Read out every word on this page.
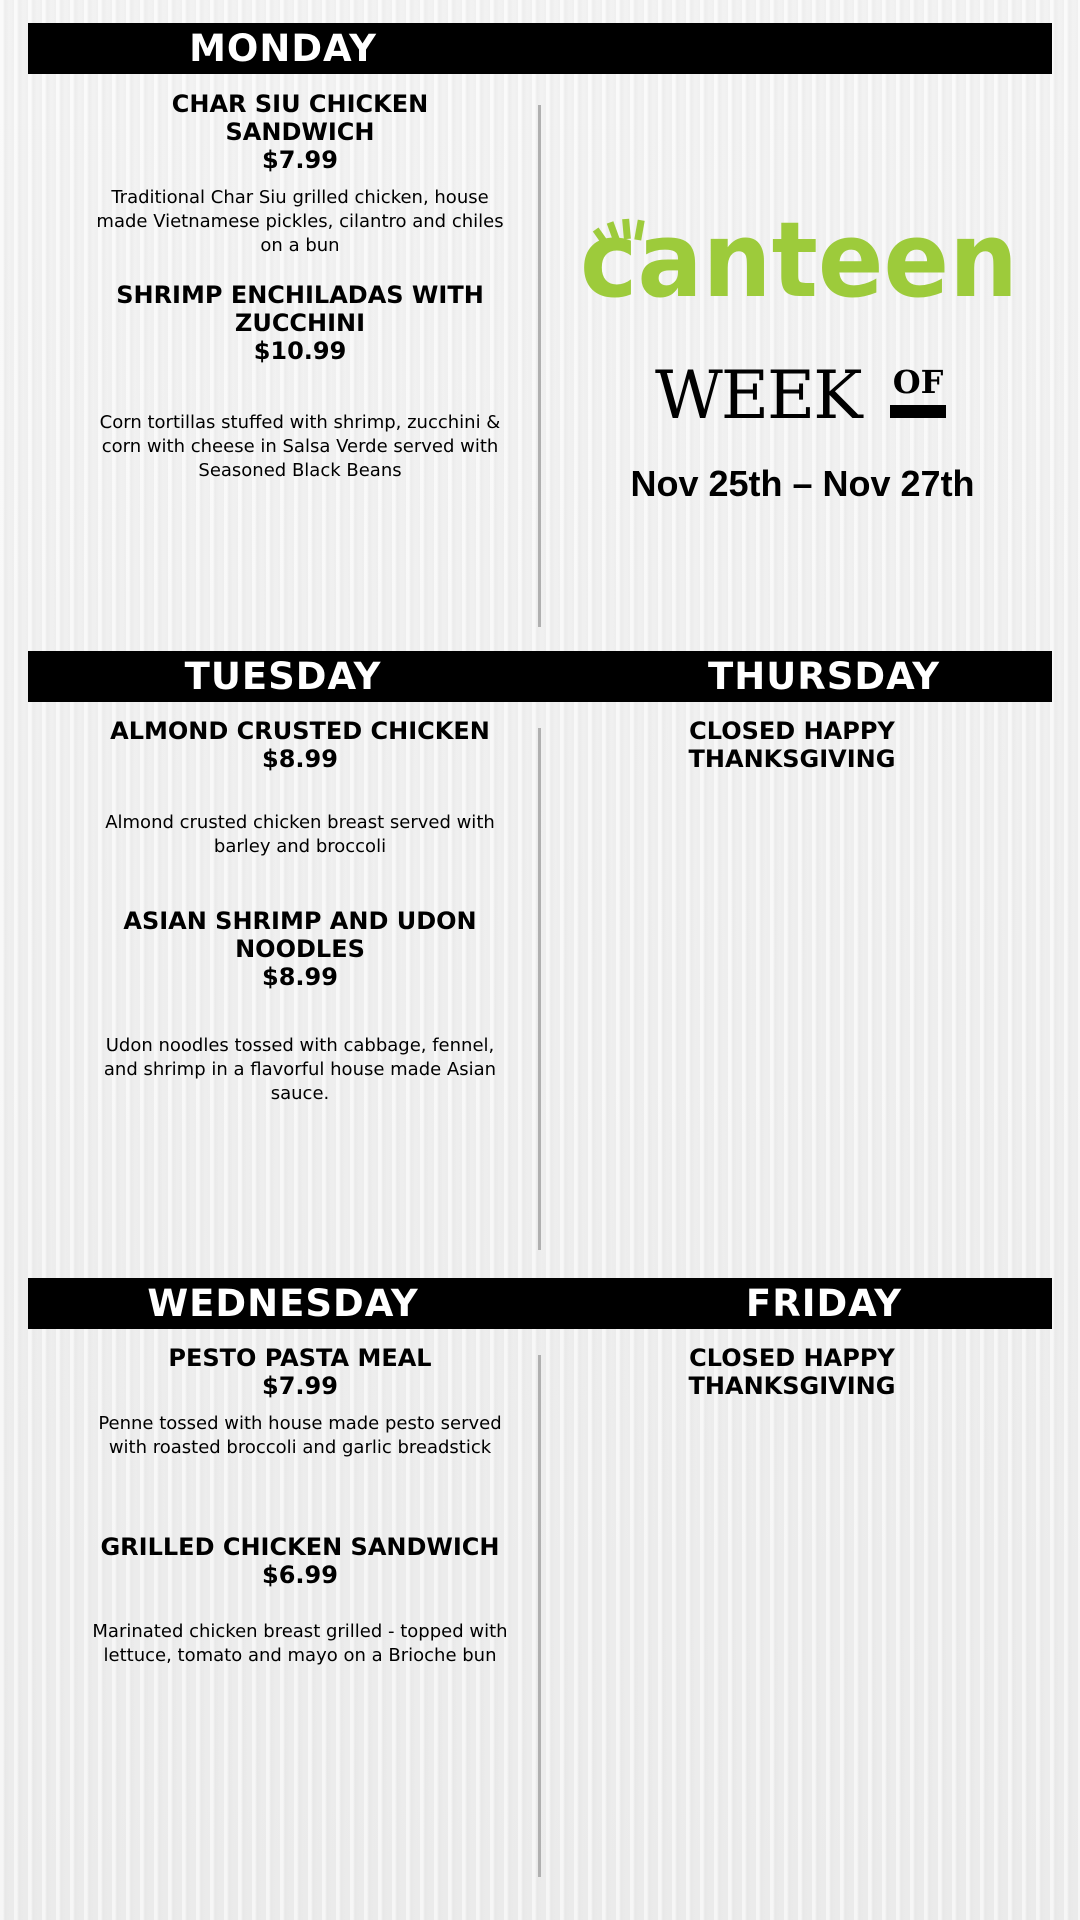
MONDAY
CHAR SIU CHICKEN SANDWICH
$7.99
Traditional Char Siu grilled chicken, house made Vietnamese pickles, cilantro and chiles on a bun
SHRIMP ENCHILADAS WITH ZUCCHINI
$10.99
Corn tortillas stuffed with shrimp, zucchini & corn with cheese in Salsa Verde served with Seasoned Black Beans
canteen
WEEK OF
Nov 25th – Nov 27th
TUESDAY	THURSDAY
ALMOND CRUSTED CHICKEN
$8.99
Almond crusted chicken breast served with barley and broccoli
ASIAN SHRIMP AND UDON NOODLES
$8.99
Udon noodles tossed with cabbage, fennel, and shrimp in a flavorful house made Asian sauce.
CLOSED HAPPY THANKSGIVING
WEDNESDAY	FRIDAY
PESTO PASTA MEAL
$7.99
Penne tossed with house made pesto served with roasted broccoli and garlic breadstick
GRILLED CHICKEN SANDWICH
$6.99
Marinated chicken breast grilled - topped with lettuce, tomato and mayo on a Brioche bun
CLOSED HAPPY THANKSGIVING
